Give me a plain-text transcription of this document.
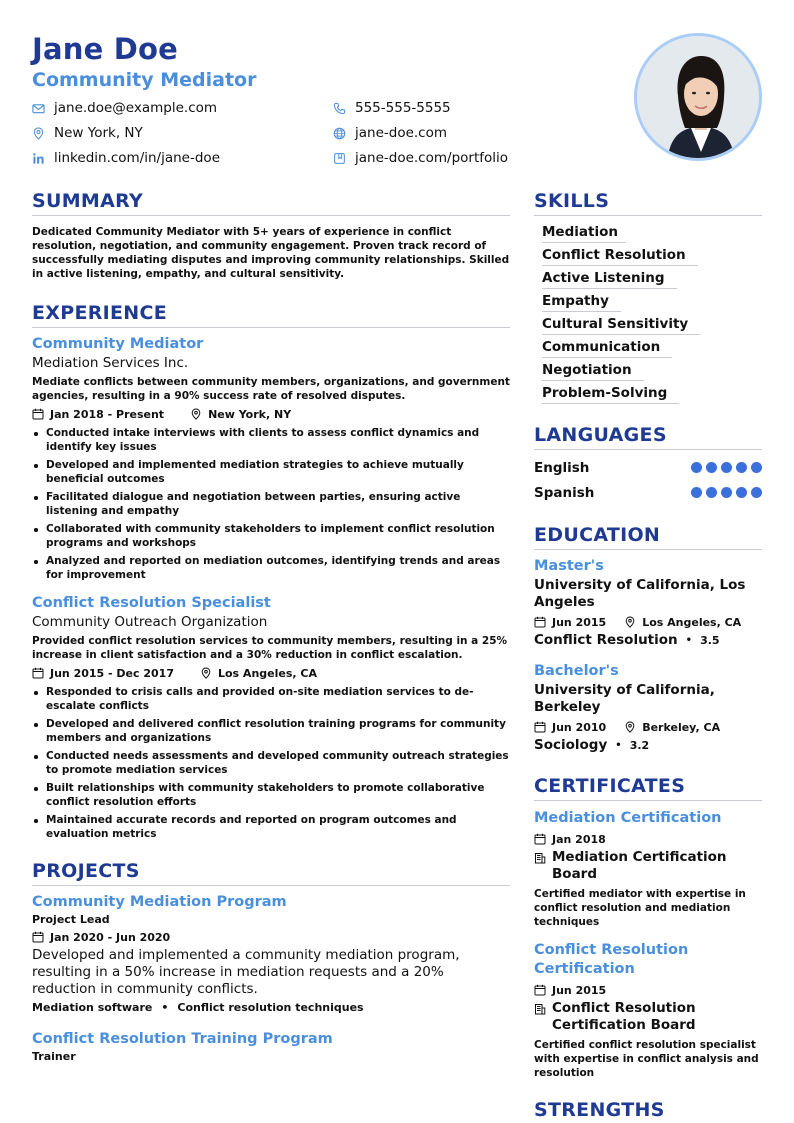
Jane Doe
Community Mediator
jane.doe@example.com	555-555-5555
New York, NY	jane-doe.com
linkedin.com/in/jane-doe	jane-doe.com/portfolio
SUMMARY
Dedicated Community Mediator with 5+ years of experience in conflict resolution, negotiation, and community engagement. Proven track record of successfully mediating disputes and improving community relationships. Skilled in active listening, empathy, and cultural sensitivity.
EXPERIENCE
Community Mediator
Mediation Services Inc.
Mediate conflicts between community members, organizations, and government agencies, resulting in a 90% success rate of resolved disputes.
Jan 2018 - Present	New York, NY
Conducted intake interviews with clients to assess conflict dynamics and identify key issues
Developed and implemented mediation strategies to achieve mutually beneficial outcomes
Facilitated dialogue and negotiation between parties, ensuring active listening and empathy
Collaborated with community stakeholders to implement conflict resolution programs and workshops
Analyzed and reported on mediation outcomes, identifying trends and areas for improvement
Conflict Resolution Specialist
Community Outreach Organization
Provided conflict resolution services to community members, resulting in a 25% increase in client satisfaction and a 30% reduction in conflict escalation.
Jun 2015 - Dec 2017	Los Angeles, CA
Responded to crisis calls and provided on-site mediation services to de-escalate conflicts
Developed and delivered conflict resolution training programs for community members and organizations
Conducted needs assessments and developed community outreach strategies to promote mediation services
Built relationships with community stakeholders to promote collaborative conflict resolution efforts
Maintained accurate records and reported on program outcomes and evaluation metrics
PROJECTS
Community Mediation Program
Project Lead
Jan 2020 - Jun 2020
Developed and implemented a community mediation program, resulting in a 50% increase in mediation requests and a 20% reduction in community conflicts.
Mediation software • Conflict resolution techniques
Conflict Resolution Training Program
Trainer
SKILLS
Mediation
Conflict Resolution
Active Listening
Empathy
Cultural Sensitivity
Communication
Negotiation
Problem-Solving
LANGUAGES
English
Spanish
EDUCATION
Master's
University of California, Los Angeles
Jun 2015	Los Angeles, CA
Conflict Resolution • 3.5
Bachelor's
University of California, Berkeley
Jun 2010	Berkeley, CA
Sociology • 3.2
CERTIFICATES
Mediation Certification
Jan 2018
Mediation Certification Board
Certified mediator with expertise in conflict resolution and mediation techniques
Conflict Resolution Certification
Jun 2015
Conflict Resolution Certification Board
Certified conflict resolution specialist with expertise in conflict analysis and resolution
STRENGTHS
